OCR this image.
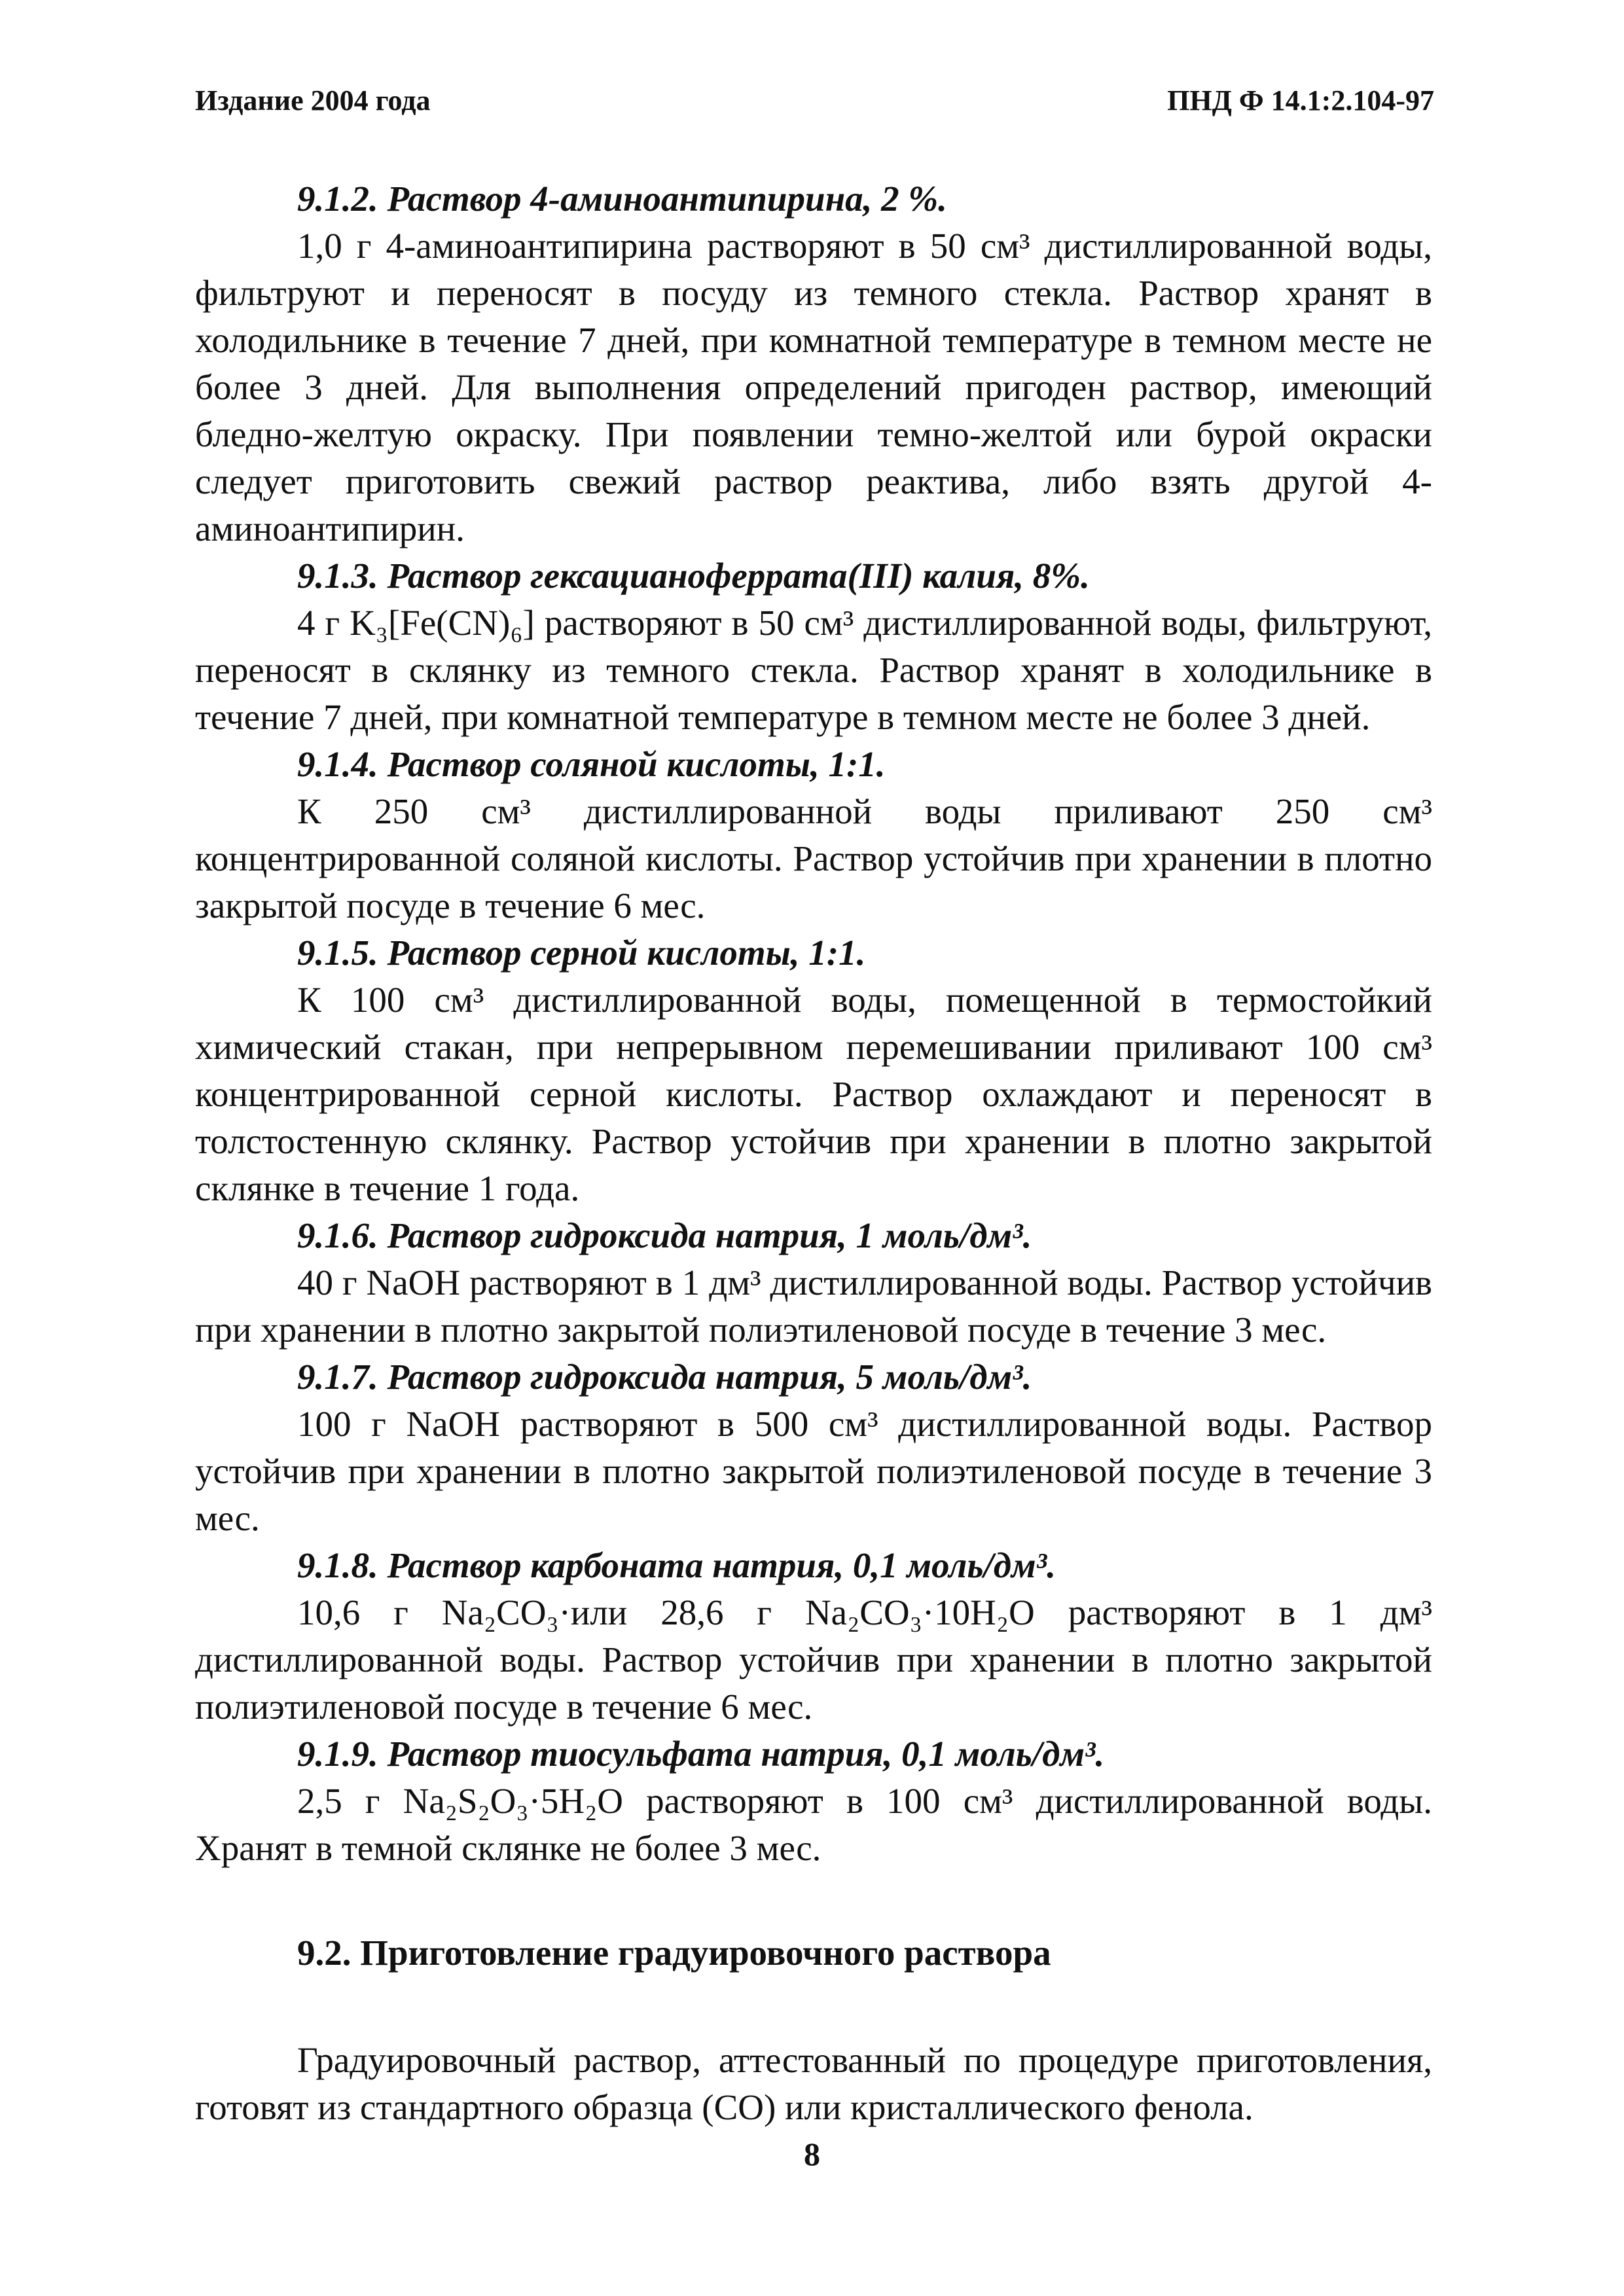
Издание 2004 года	ПНД Ф 14.1:2.104-97

9.1.2. Раствор 4-аминоантипирина, 2 %.

1,0 г 4-аминоантипирина растворяют в 50 см³ дистиллированной воды, фильтруют и переносят в посуду из темного стекла. Раствор хранят в холодильнике в течение 7 дней, при комнатной температуре в темном месте не более 3 дней. Для выполнения определений пригоден раствор, имеющий бледно-желтую окраску. При появлении темно-желтой или бурой окраски следует приготовить свежий раствор реактива, либо взять другой 4-аминоантипирин.

9.1.3. Раствор гексацианоферрата(III) калия, 8%.

4 г K₃[Fe(CN)₆] растворяют в 50 см³ дистиллированной воды, фильтруют, переносят в склянку из темного стекла. Раствор хранят в холодильнике в течение 7 дней, при комнатной температуре в темном месте не более 3 дней.

9.1.4. Раствор соляной кислоты, 1:1.

К 250 см³ дистиллированной воды приливают 250 см³ концентрированной соляной кислоты. Раствор устойчив при хранении в плотно закрытой посуде в течение 6 мес.

9.1.5. Раствор серной кислоты, 1:1.

К 100 см³ дистиллированной воды, помещенной в термостойкий химический стакан, при непрерывном перемешивании приливают 100 см³ концентрированной серной кислоты. Раствор охлаждают и переносят в толстостенную склянку. Раствор устойчив при хранении в плотно закрытой склянке в течение 1 года.

9.1.6. Раствор гидроксида натрия, 1 моль/дм³.

40 г NaOH растворяют в 1 дм³ дистиллированной воды. Раствор устойчив при хранении в плотно закрытой полиэтиленовой посуде в течение 3 мес.

9.1.7. Раствор гидроксида натрия, 5 моль/дм³.

100 г NaOH растворяют в 500 см³ дистиллированной воды. Раствор устойчив при хранении в плотно закрытой полиэтиленовой посуде в течение 3 мес.

9.1.8. Раствор карбоната натрия, 0,1 моль/дм³.

10,6 г Na₂CO₃·или 28,6 г Na₂CO₃·10H₂O растворяют в 1 дм³ дистиллированной воды. Раствор устойчив при хранении в плотно закрытой полиэтиленовой посуде в течение 6 мес.

9.1.9. Раствор тиосульфата натрия, 0,1 моль/дм³.

2,5 г Na₂S₂O₃·5H₂O растворяют в 100 см³ дистиллированной воды. Хранят в темной склянке не более 3 мес.

9.2. Приготовление градуировочного раствора

Градуировочный раствор, аттестованный по процедуре приготовления, готовят из стандартного образца (СО) или кристаллического фенола.

8
